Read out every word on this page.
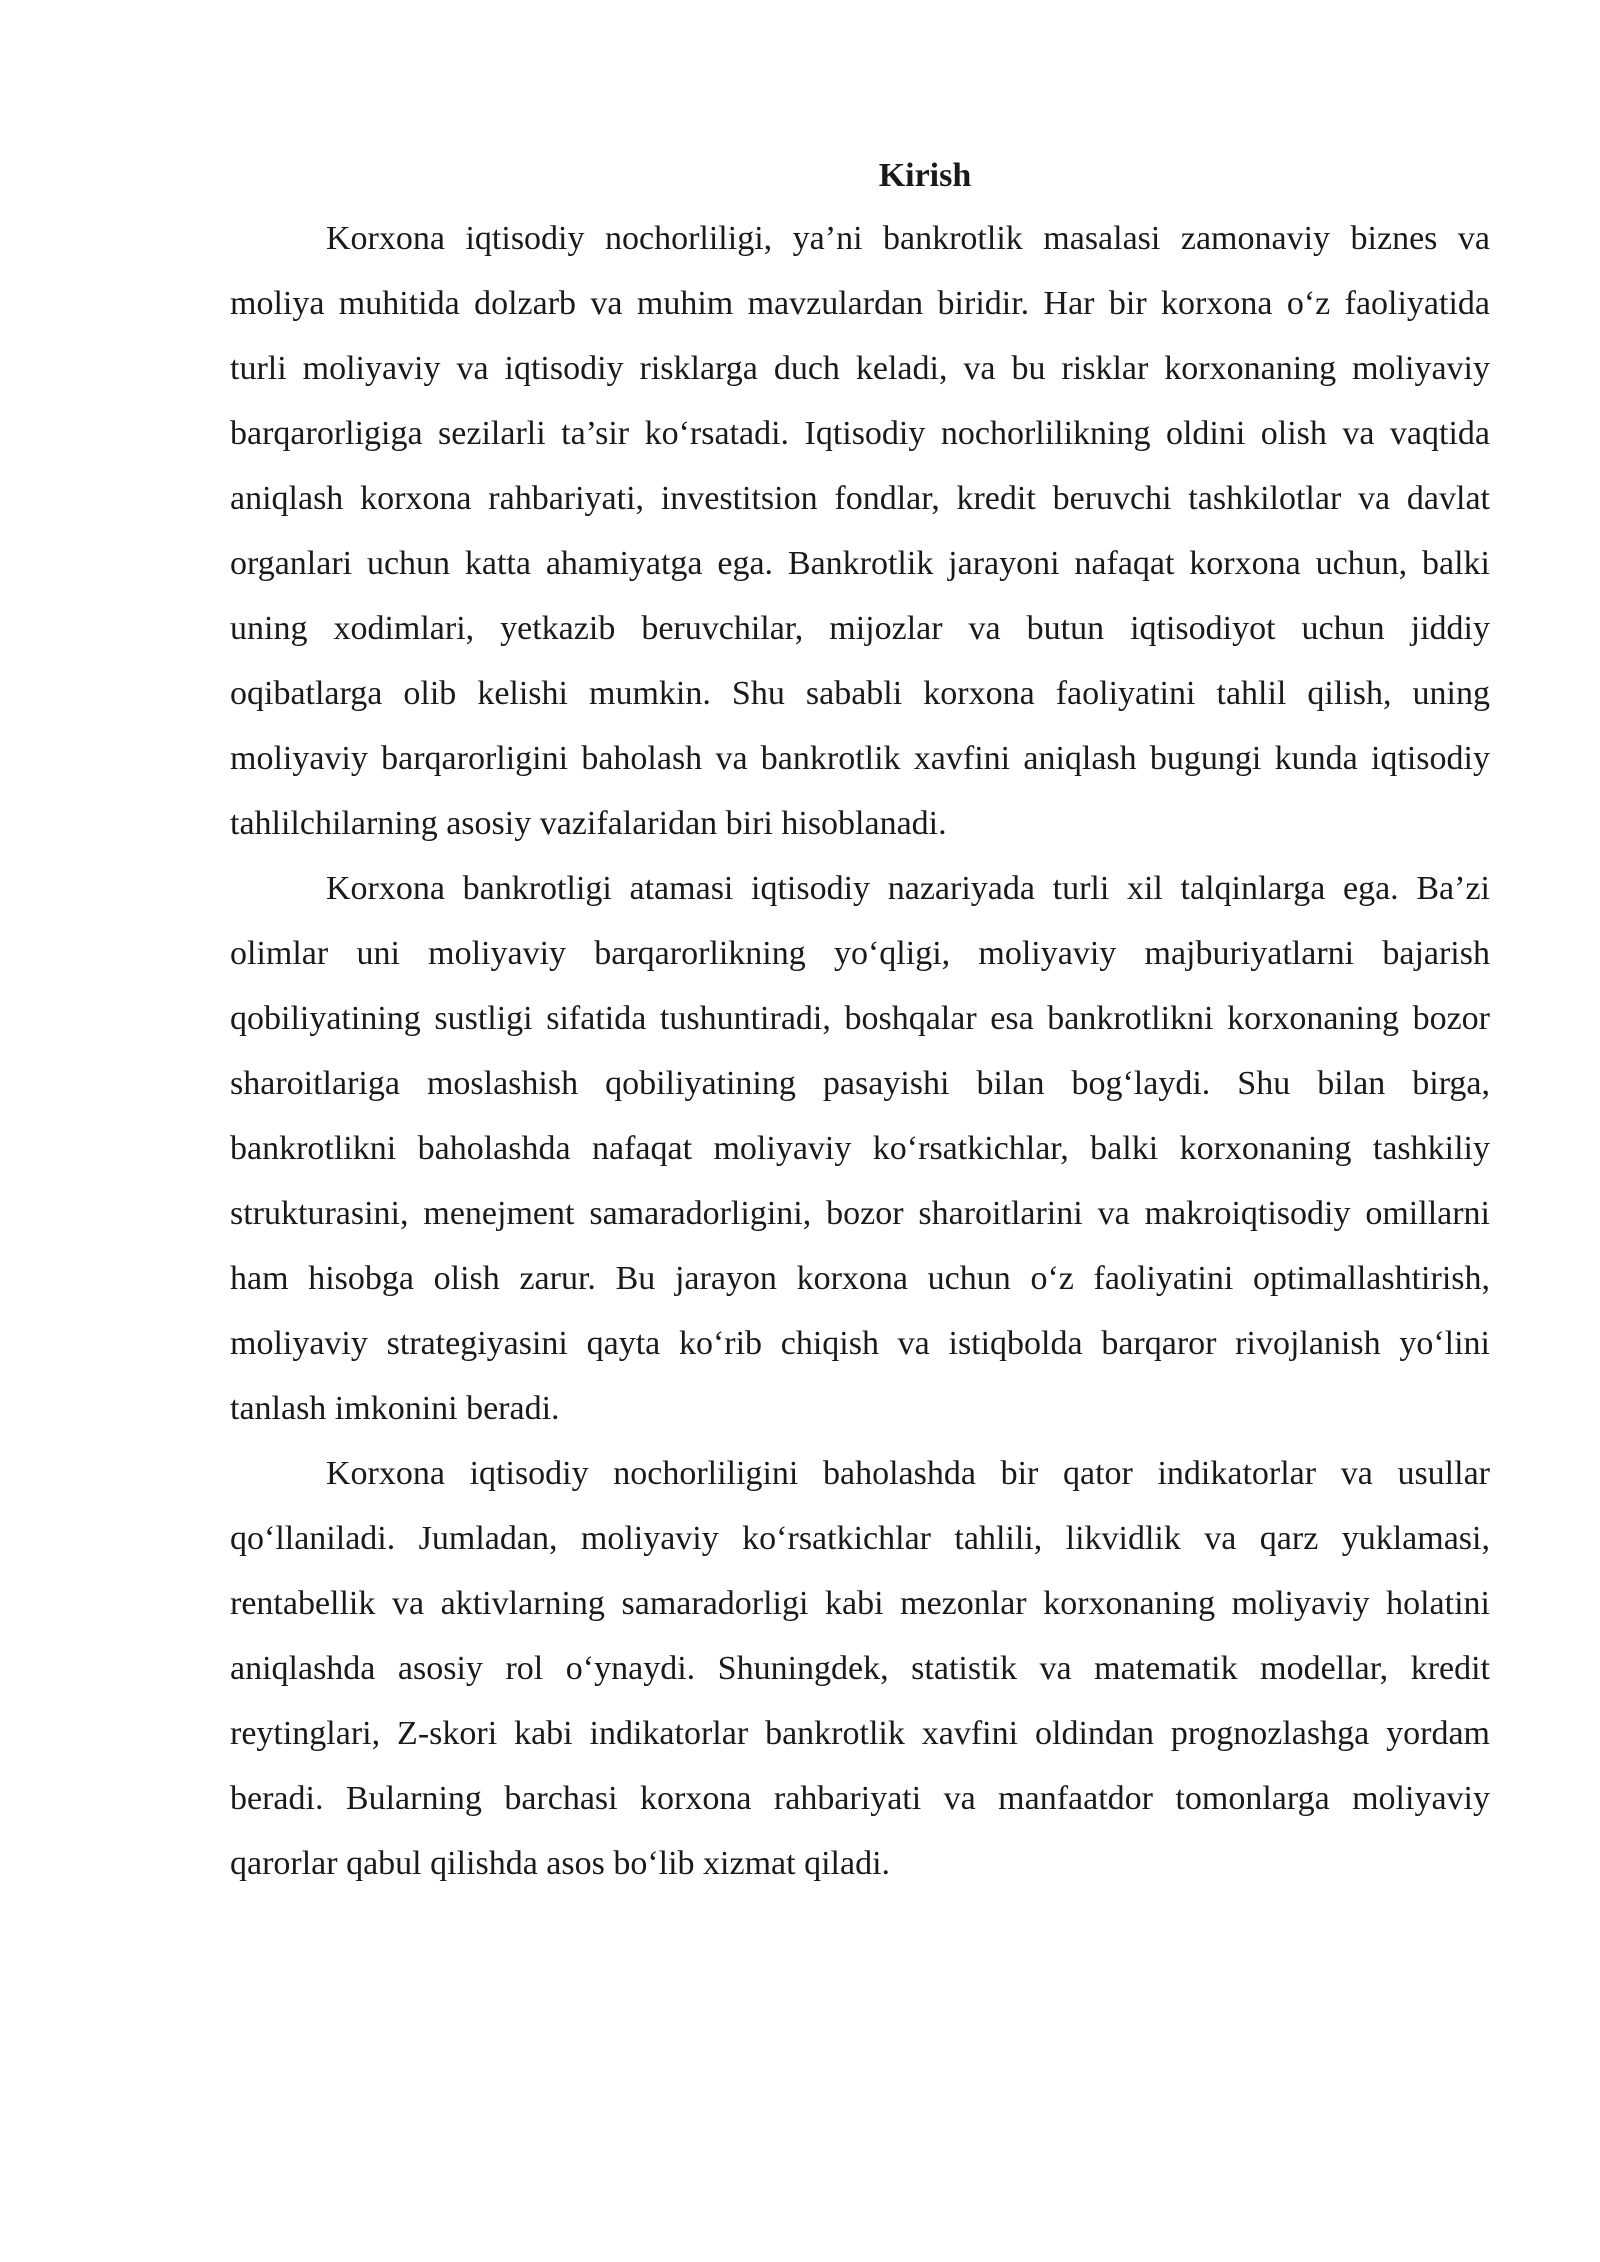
Kirish

Korxona iqtisodiy nochorliligi, ya’ni bankrotlik masalasi zamonaviy biznes va moliya muhitida dolzarb va muhim mavzulardan biridir. Har bir korxona o‘z faoliyatida turli moliyaviy va iqtisodiy risklarga duch keladi, va bu risklar korxonaning moliyaviy barqarorligiga sezilarli ta’sir ko‘rsatadi. Iqtisodiy nochorlilikning oldini olish va vaqtida aniqlash korxona rahbariyati, investitsion fondlar, kredit beruvchi tashkilotlar va davlat organlari uchun katta ahamiyatga ega. Bankrotlik jarayoni nafaqat korxona uchun, balki uning xodimlari, yetkazib beruvchilar, mijozlar va butun iqtisodiyot uchun jiddiy oqibatlarga olib kelishi mumkin. Shu sababli korxona faoliyatini tahlil qilish, uning moliyaviy barqarorligini baholash va bankrotlik xavfini aniqlash bugungi kunda iqtisodiy tahlilchilarning asosiy vazifalaridan biri hisoblanadi.

Korxona bankrotligi atamasi iqtisodiy nazariyada turli xil talqinlarga ega. Ba’zi olimlar uni moliyaviy barqarorlikning yo‘qligi, moliyaviy majburiyatlarni bajarish qobiliyatining sustligi sifatida tushuntiradi, boshqalar esa bankrotlikni korxonaning bozor sharoitlariga moslashish qobiliyatining pasayishi bilan bog‘laydi. Shu bilan birga, bankrotlikni baholashda nafaqat moliyaviy ko‘rsatkichlar, balki korxonaning tashkiliy strukturasini, menejment samaradorligini, bozor sharoitlarini va makroiqtisodiy omillarni ham hisobga olish zarur. Bu jarayon korxona uchun o‘z faoliyatini optimallashtirish, moliyaviy strategiyasini qayta ko‘rib chiqish va istiqbolda barqaror rivojlanish yo‘lini tanlash imkonini beradi.

Korxona iqtisodiy nochorliligini baholashda bir qator indikatorlar va usullar qo‘llaniladi. Jumladan, moliyaviy ko‘rsatkichlar tahlili, likvidlik va qarz yuklamasi, rentabellik va aktivlarning samaradorligi kabi mezonlar korxonaning moliyaviy holatini aniqlashda asosiy rol o‘ynaydi. Shuningdek, statistik va matematik modellar, kredit reytinglari, Z-skori kabi indikatorlar bankrotlik xavfini oldindan prognozlashga yordam beradi. Bularning barchasi korxona rahbariyati va manfaatdor tomonlarga moliyaviy qarorlar qabul qilishda asos bo‘lib xizmat qiladi.
